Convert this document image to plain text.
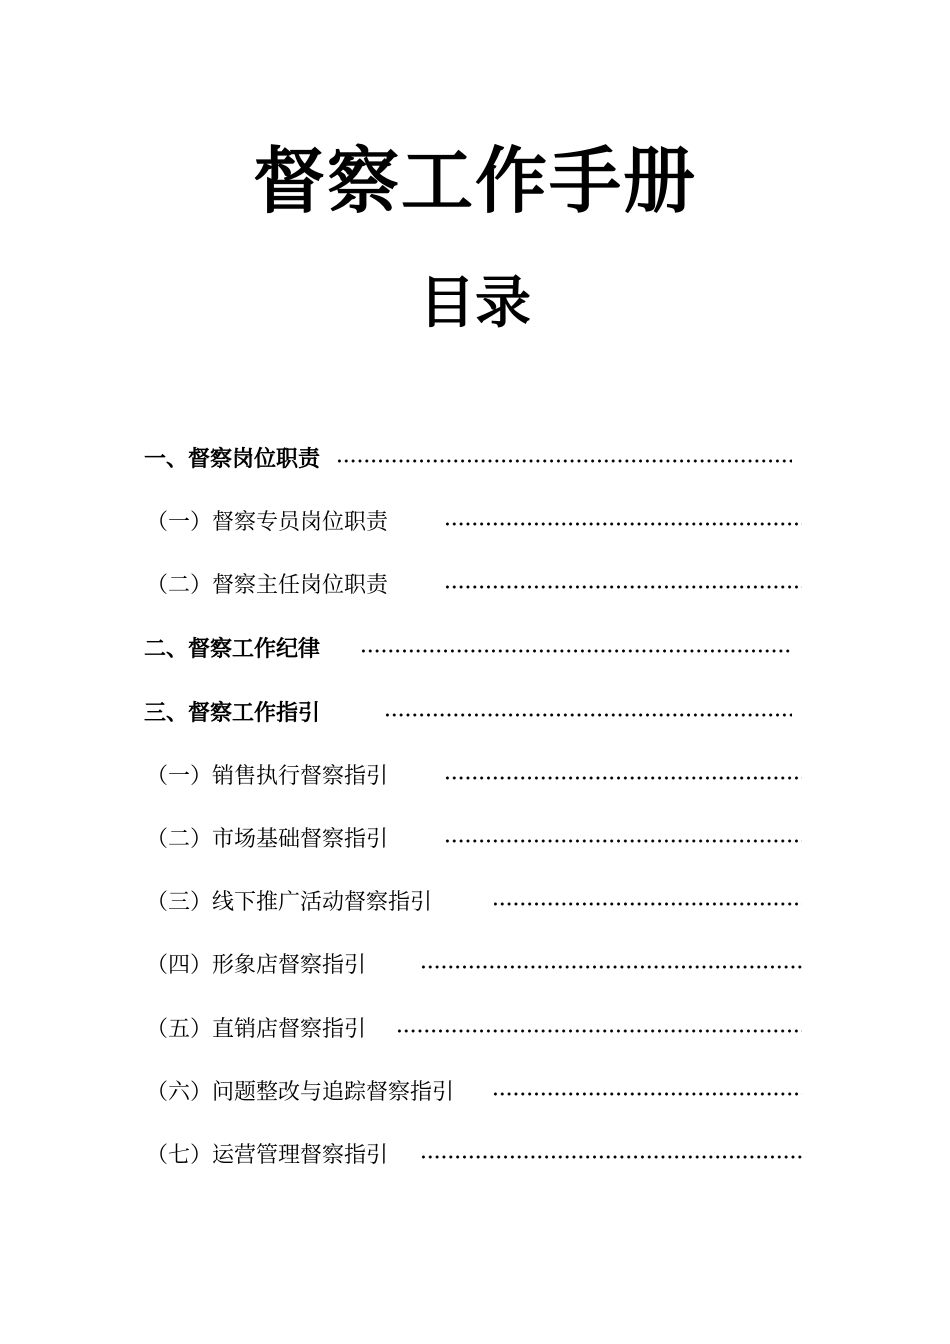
督察工作手册
目录
一、督察岗位职责
（一）督察专员岗位职责
（二）督察主任岗位职责
二、督察工作纪律
三、督察工作指引
（一）销售执行督察指引
（二）市场基础督察指引
（三）线下推广活动督察指引
（四）形象店督察指引
（五）直销店督察指引
（六）问题整改与追踪督察指引
（七）运营管理督察指引
